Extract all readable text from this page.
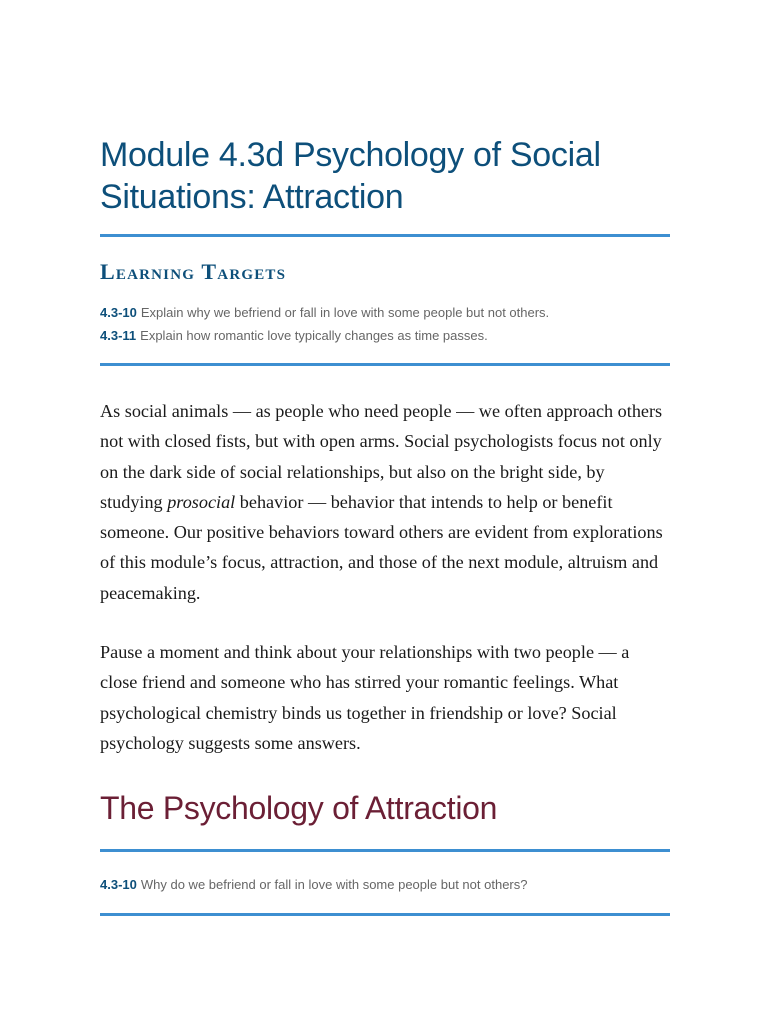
Module 4.3d Psychology of Social Situations: Attraction
Learning Targets
4.3-10 Explain why we befriend or fall in love with some people but not others.
4.3-11 Explain how romantic love typically changes as time passes.

As social animals — as people who need people — we often approach others not with closed fists, but with open arms. Social psychologists focus not only on the dark side of social relationships, but also on the bright side, by studying prosocial behavior — behavior that intends to help or benefit someone. Our positive behaviors toward others are evident from explorations of this module’s focus, attraction, and those of the next module, altruism and peacemaking.

Pause a moment and think about your relationships with two people — a close friend and someone who has stirred your romantic feelings. What psychological chemistry binds us together in friendship or love? Social psychology suggests some answers.

The Psychology of Attraction
4.3-10 Why do we befriend or fall in love with some people but not others?
